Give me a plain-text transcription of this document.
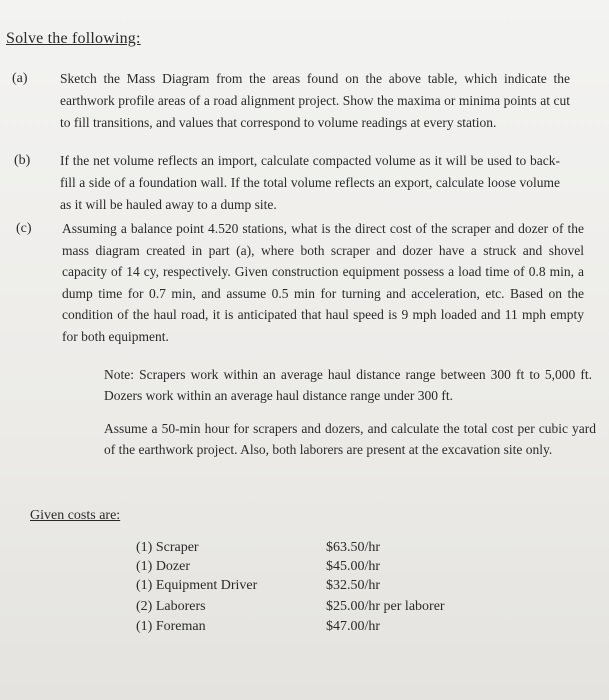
Solve the following:
(a) Sketch the Mass Diagram from the areas found on the above table, which indicate the earthwork profile areas of a road alignment project. Show the maxima or minima points at cut to fill transitions, and values that correspond to volume readings at every station.
(b) If the net volume reflects an import, calculate compacted volume as it will be used to back-fill a side of a foundation wall. If the total volume reflects an export, calculate loose volume as it will be hauled away to a dump site.
(c) Assuming a balance point 4.520 stations, what is the direct cost of the scraper and dozer of the mass diagram created in part (a), where both scraper and dozer have a struck and shovel capacity of 14 cy, respectively. Given construction equipment possess a load time of 0.8 min, a dump time for 0.7 min, and assume 0.5 min for turning and acceleration, etc. Based on the condition of the haul road, it is anticipated that haul speed is 9 mph loaded and 11 mph empty for both equipment.
Note: Scrapers work within an average haul distance range between 300 ft to 5,000 ft. Dozers work within an average haul distance range under 300 ft.
Assume a 50-min hour for scrapers and dozers, and calculate the total cost per cubic yard of the earthwork project. Also, both laborers are present at the excavation site only.
Given costs are:
(1) Scraper	$63.50/hr
(1) Dozer	$45.00/hr
(1) Equipment Driver	$32.50/hr
(2) Laborers	$25.00/hr per laborer
(1) Foreman	$47.00/hr
